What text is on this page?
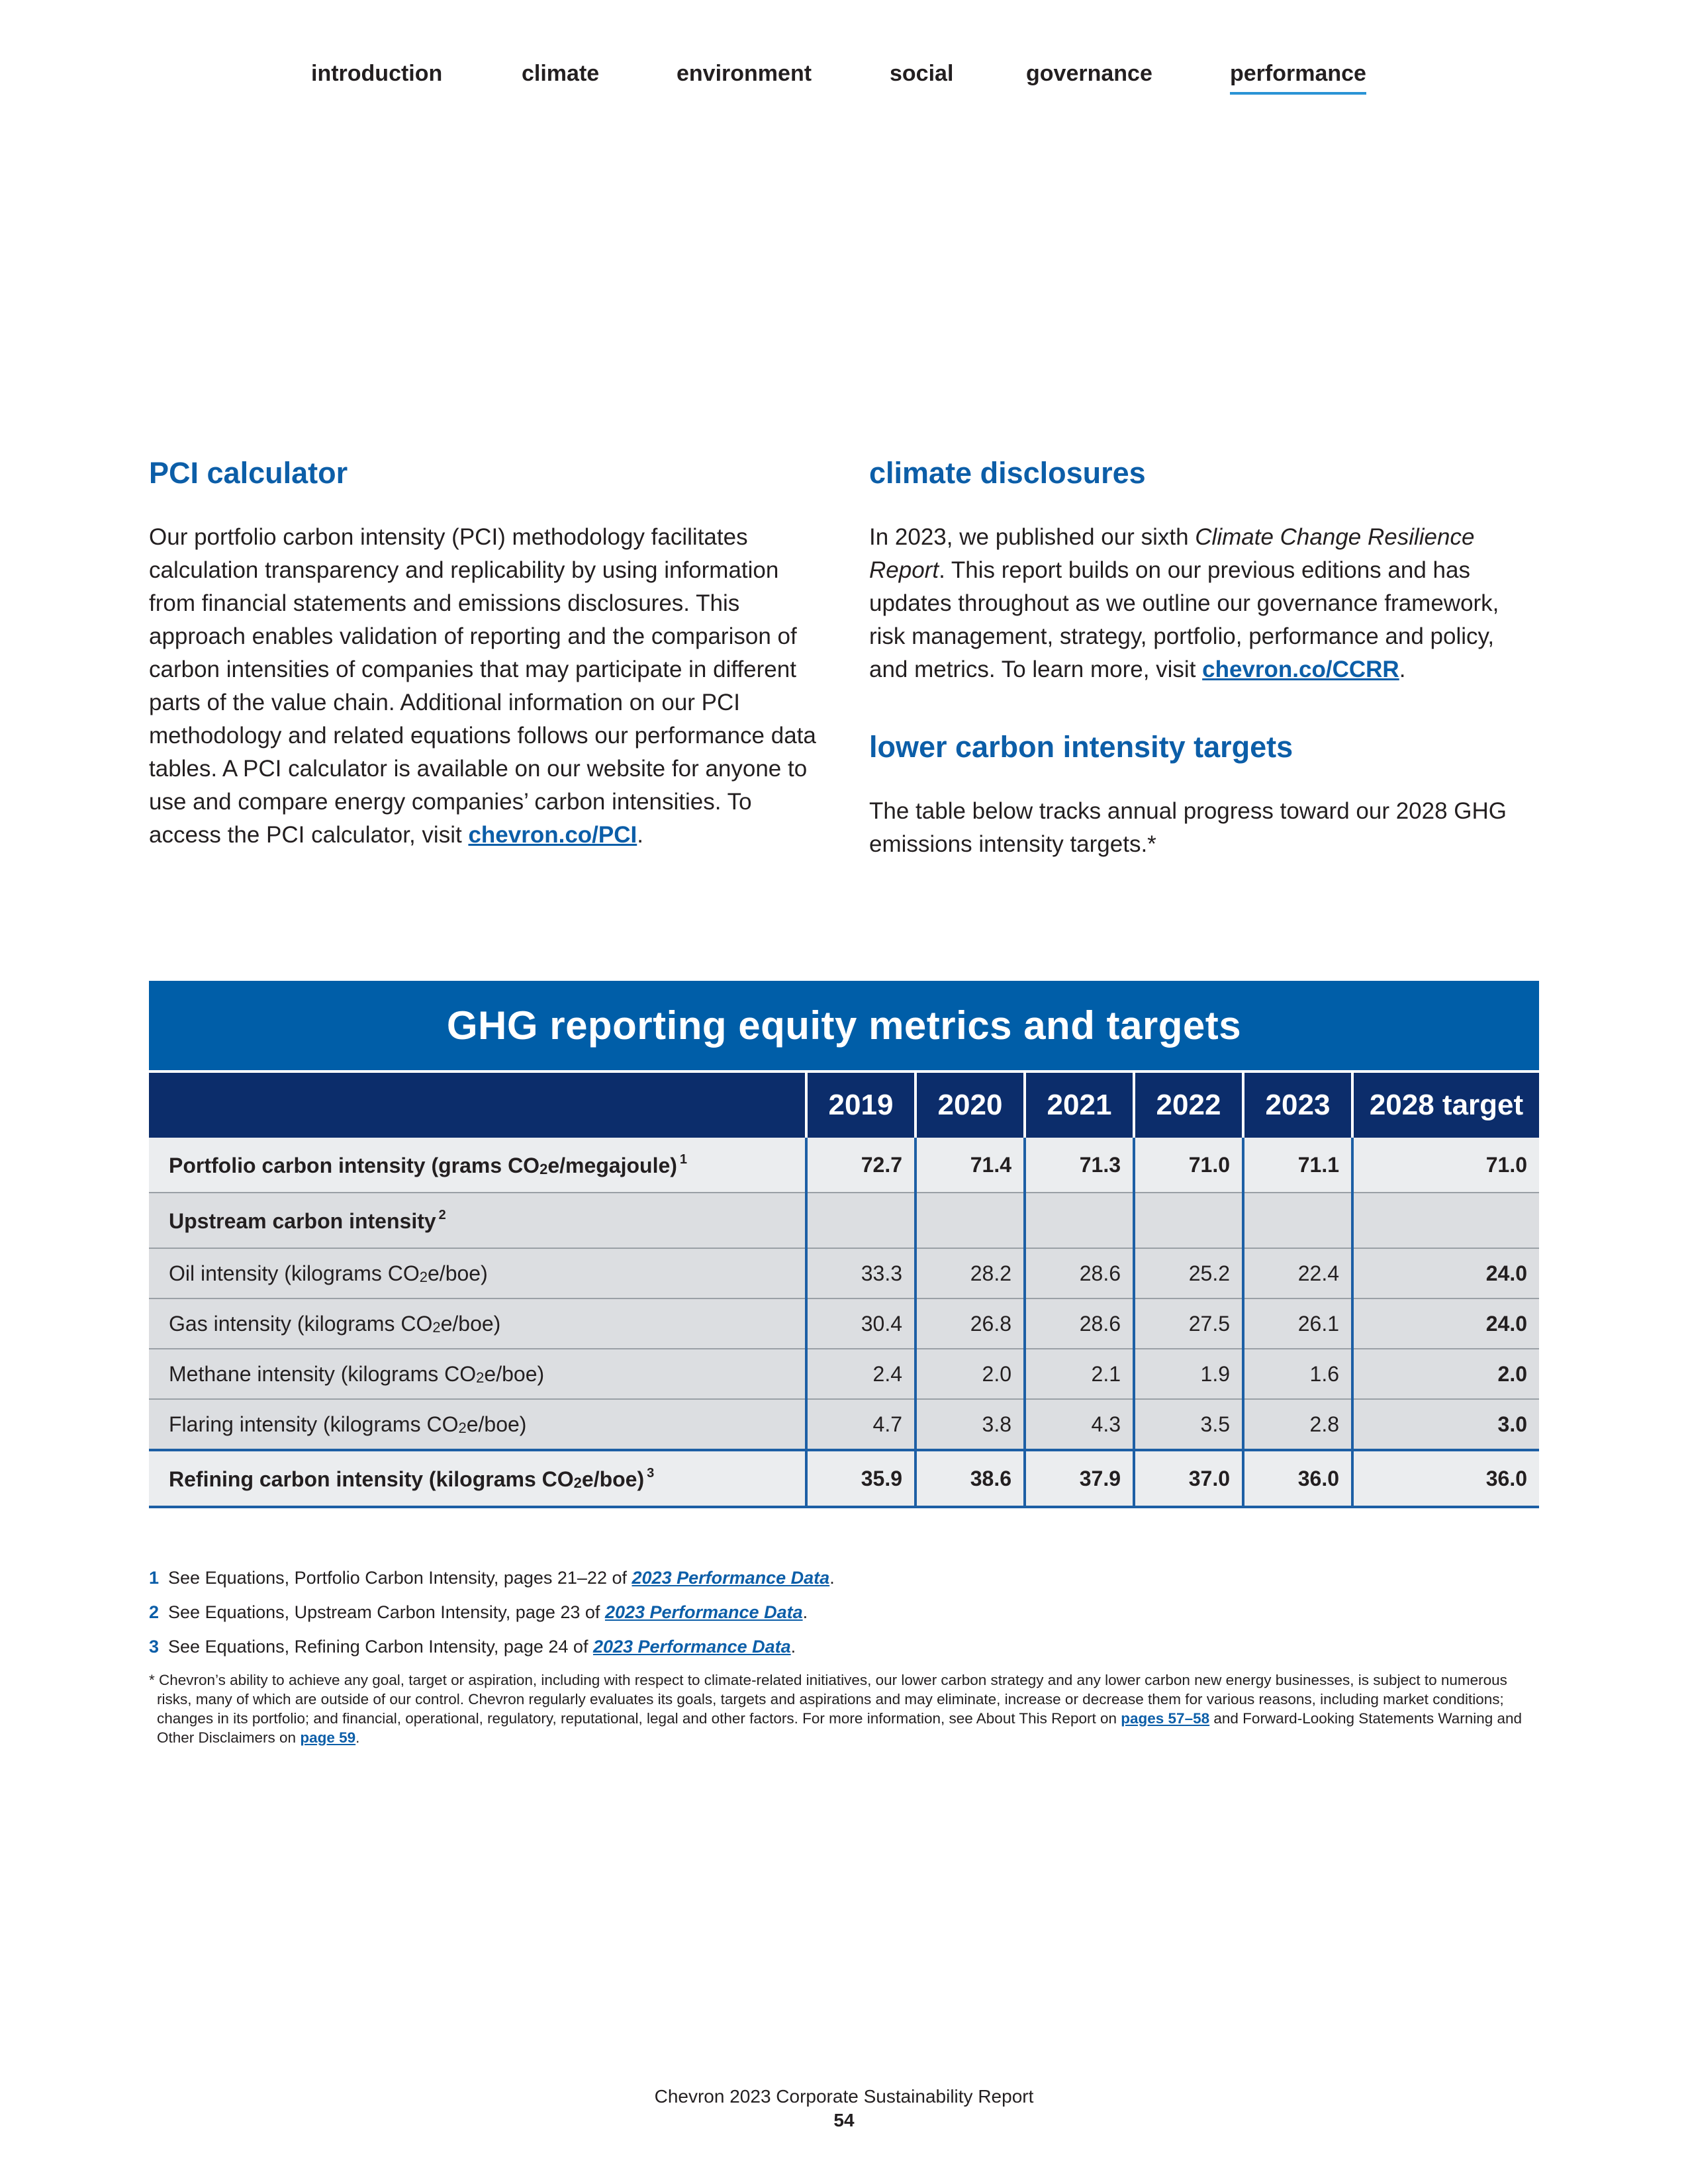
introduction	climate	environment	social	governance	performance
PCI calculator

Our portfolio carbon intensity (PCI) methodology facilitates calculation transparency and replicability by using information from financial statements and emissions disclosures. This approach enables validation of reporting and the comparison of carbon intensities of companies that may participate in different parts of the value chain. Additional information on our PCI methodology and related equations follows our performance data tables. A PCI calculator is available on our website for anyone to use and compare energy companies’ carbon intensities. To access the PCI calculator, visit chevron.co/PCI.

climate disclosures

In 2023, we published our sixth Climate Change Resilience Report. This report builds on our previous editions and has updates throughout as we outline our governance framework, risk management, strategy, portfolio, performance and policy, and metrics. To learn more, visit chevron.co/CCRR.

lower carbon intensity targets

The table below tracks annual progress toward our 2028 GHG emissions intensity targets.*

GHG reporting equity metrics and targets
	2019	2020	2021	2022	2023	2028 target
Portfolio carbon intensity (grams CO2e/megajoule) $^1$	72.7	71.4	71.3	71.0	71.1	71.0
Upstream carbon intensity $^2$						
Oil intensity (kilograms CO2e/boe)	33.3	28.2	28.6	25.2	22.4	24.0
Gas intensity (kilograms CO2e/boe)	30.4	26.8	28.6	27.5	26.1	24.0
Methane intensity (kilograms CO2e/boe)	2.4	2.0	2.1	1.9	1.6	2.0
Flaring intensity (kilograms CO2e/boe)	4.7	3.8	4.3	3.5	2.8	3.0
Refining carbon intensity (kilograms CO2e/boe) $^3$	35.9	38.6	37.9	37.0	36.0	36.0

1 See Equations, Portfolio Carbon Intensity, pages 21–22 of 2023 Performance Data.

2 See Equations, Upstream Carbon Intensity, page 23 of 2023 Performance Data.

3 See Equations, Refining Carbon Intensity, page 24 of 2023 Performance Data.

* Chevron’s ability to achieve any goal, target or aspiration, including with respect to climate-related initiatives, our lower carbon strategy and any lower carbon new energy businesses, is subject to numerous risks, many of which are outside of our control. Chevron regularly evaluates its goals, targets and aspirations and may eliminate, increase or decrease them for various reasons, including market conditions; changes in its portfolio; and financial, operational, regulatory, reputational, legal and other factors. For more information, see About This Report on pages 57–58 and Forward-Looking Statements Warning and Other Disclaimers on page 59.

Chevron 2023 Corporate Sustainability Report
54
